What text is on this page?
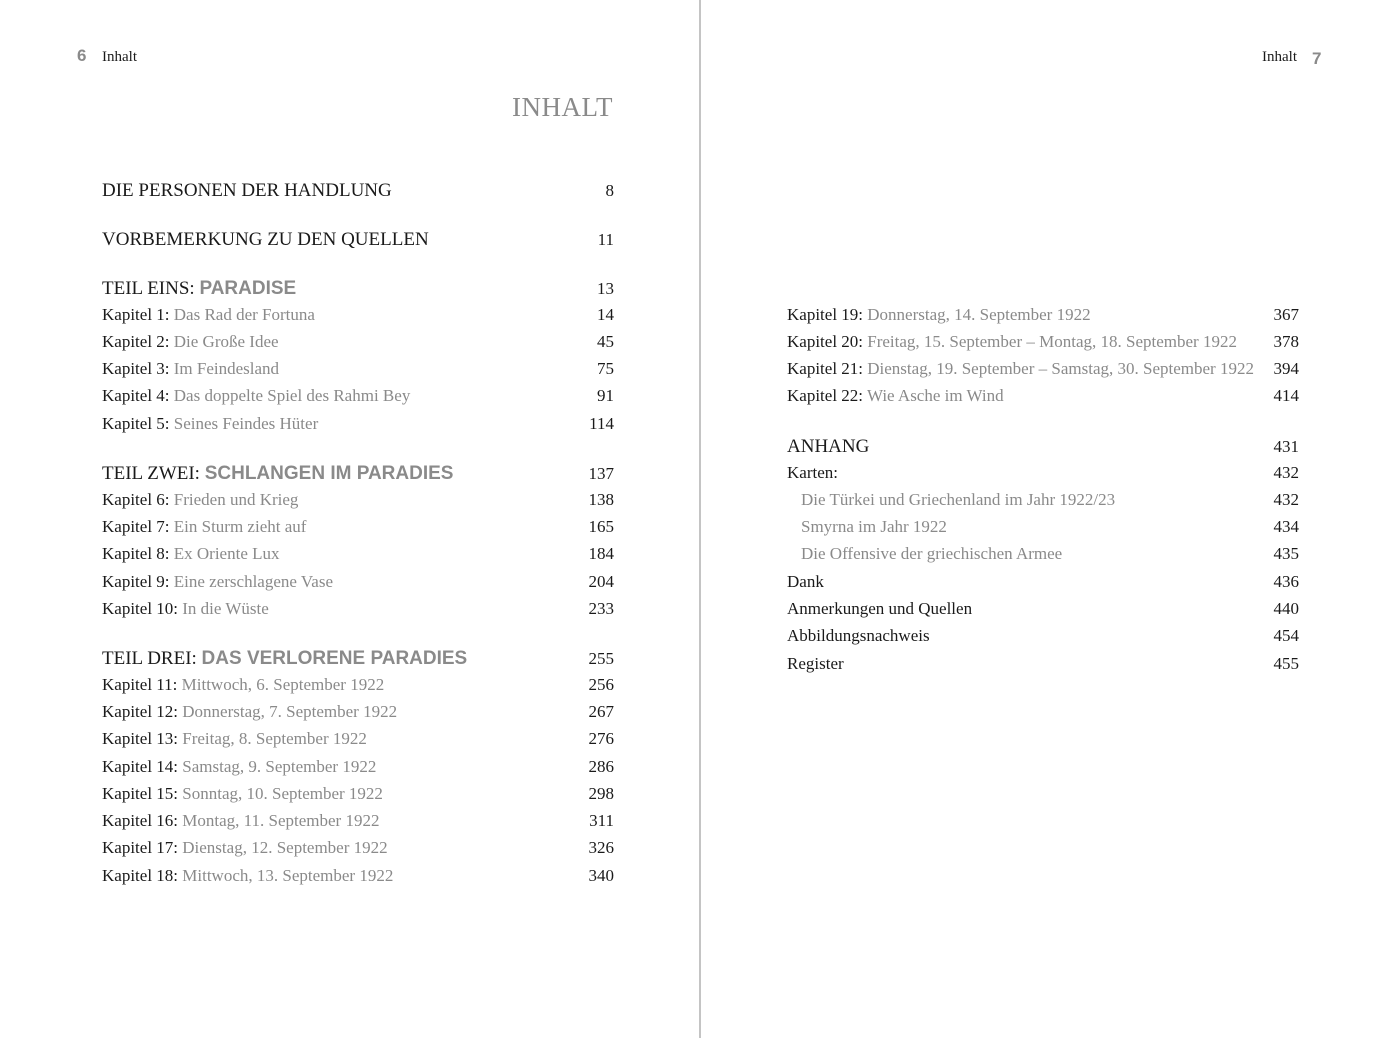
6 Inhalt
INHALT
DIE PERSONEN DER HANDLUNG	8
VORBEMERKUNG ZU DEN QUELLEN	11
TEIL EINS: PARADISE	13
Kapitel 1: Das Rad der Fortuna	14
Kapitel 2: Die Große Idee	45
Kapitel 3: Im Feindesland	75
Kapitel 4: Das doppelte Spiel des Rahmi Bey	91
Kapitel 5: Seines Feindes Hüter	114
TEIL ZWEI: SCHLANGEN IM PARADIES	137
Kapitel 6: Frieden und Krieg	138
Kapitel 7: Ein Sturm zieht auf	165
Kapitel 8: Ex Oriente Lux	184
Kapitel 9: Eine zerschlagene Vase	204
Kapitel 10: In die Wüste	233
TEIL DREI: DAS VERLORENE PARADIES	255
Kapitel 11: Mittwoch, 6. September 1922	256
Kapitel 12: Donnerstag, 7. September 1922	267
Kapitel 13: Freitag, 8. September 1922	276
Kapitel 14: Samstag, 9. September 1922	286
Kapitel 15: Sonntag, 10. September 1922	298
Kapitel 16: Montag, 11. September 1922	311
Kapitel 17: Dienstag, 12. September 1922	326
Kapitel 18: Mittwoch, 13. September 1922	340
Inhalt 7
Kapitel 19: Donnerstag, 14. September 1922	367
Kapitel 20: Freitag, 15. September – Montag, 18. September 1922 378
Kapitel 21: Dienstag, 19. September – Samstag, 30. September 1922 394
Kapitel 22: Wie Asche im Wind	414
ANHANG	431
Karten:	432
Die Türkei und Griechenland im Jahr 1922/23	432
Smyrna im Jahr 1922	434
Die Offensive der griechischen Armee	435
Dank	436
Anmerkungen und Quellen	440
Abbildungsnachweis	454
Register	455
